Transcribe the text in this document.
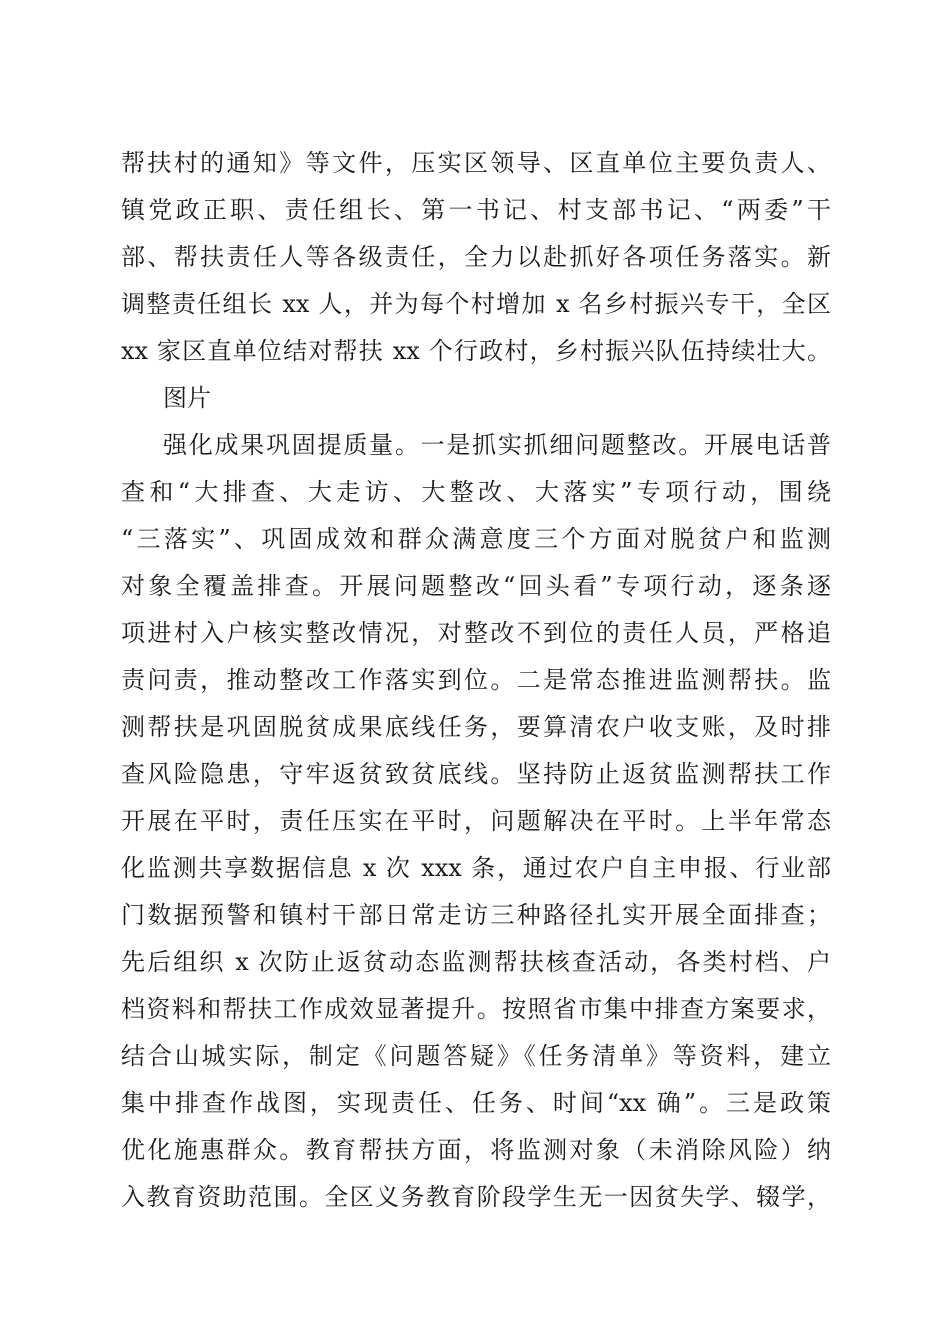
帮扶村的通知》等文件，压实区领导、区直单位主要负责人、
镇党政正职、责任组长、第一书记、村支部书记、“两委”干
部、帮扶责任人等各级责任，全力以赴抓好各项任务落实。新
调整责任组长 xx 人，并为每个村增加 x 名乡村振兴专干，全区
xx 家区直单位结对帮扶 xx 个行政村，乡村振兴队伍持续壮大。
图片
强化成果巩固提质量。一是抓实抓细问题整改。开展电话普
查和“大排查、大走访、大整改、大落实”专项行动，围绕
“三落实”、巩固成效和群众满意度三个方面对脱贫户和监测
对象全覆盖排查。开展问题整改“回头看”专项行动，逐条逐
项进村入户核实整改情况，对整改不到位的责任人员，严格追
责问责，推动整改工作落实到位。二是常态推进监测帮扶。监
测帮扶是巩固脱贫成果底线任务，要算清农户收支账，及时排
查风险隐患，守牢返贫致贫底线。坚持防止返贫监测帮扶工作
开展在平时，责任压实在平时，问题解决在平时。上半年常态
化监测共享数据信息 x 次 xxx 条，通过农户自主申报、行业部
门数据预警和镇村干部日常走访三种路径扎实开展全面排查；
先后组织 x 次防止返贫动态监测帮扶核查活动，各类村档、户
档资料和帮扶工作成效显著提升。按照省市集中排查方案要求，
结合山城实际，制定《问题答疑》《任务清单》等资料，建立
集中排查作战图，实现责任、任务、时间“xx 确”。三是政策
优化施惠群众。教育帮扶方面，将监测对象（未消除风险）纳
入教育资助范围。全区义务教育阶段学生无一因贫失学、辍学，
